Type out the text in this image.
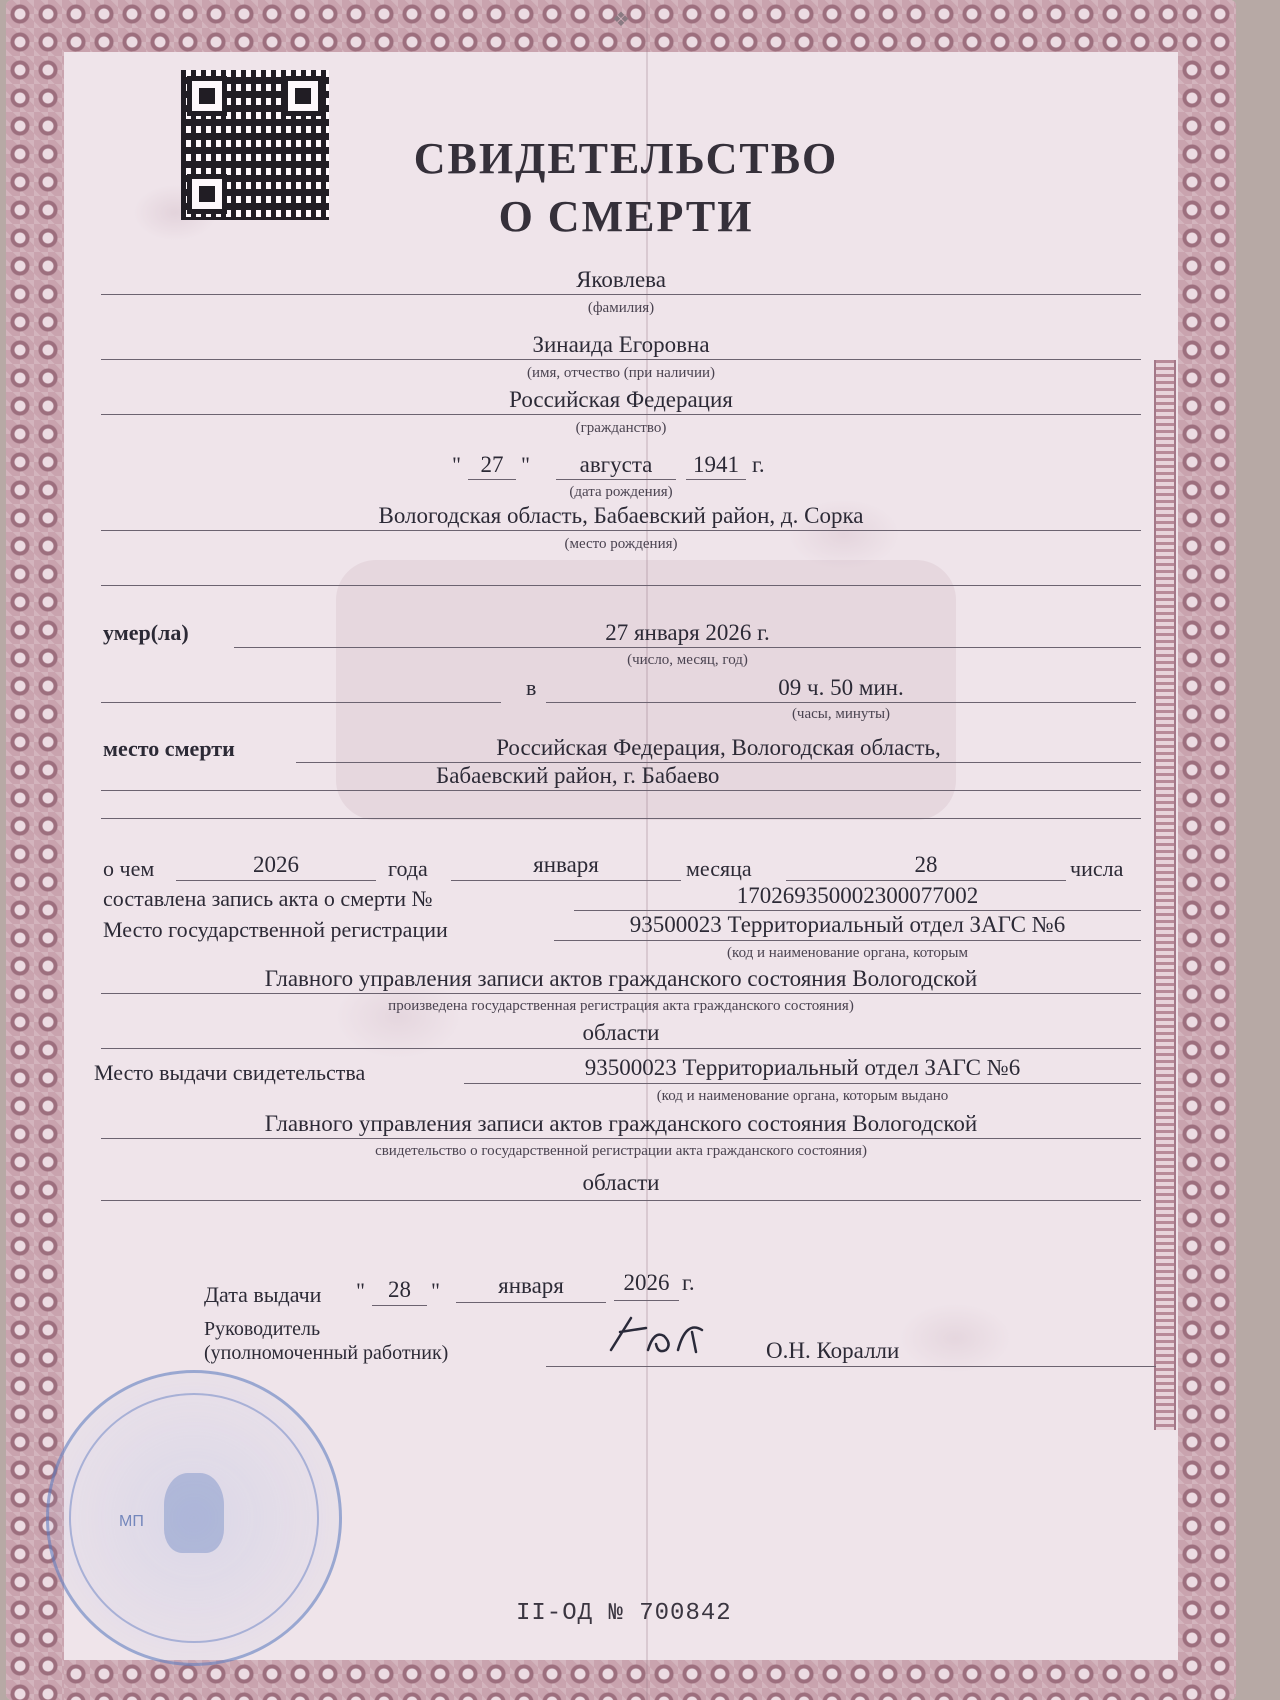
❖
СВИДЕТЕЛЬСТВО
О СМЕРТИ
Яковлева
(фамилия)
Зинаида Егоровна
(имя, отчество (при наличии)
Российская Федерация
(гражданство)
" 27 "	августа	1941 г.
(дата рождения)
Вологодская область, Бабаевский район, д. Сорка
(место рождения)
умер(ла)	27 января 2026 г.
(число, месяц, год)
в	09 ч. 50 мин.
(часы, минуты)
место смерти	Российская Федерация, Вологодская область,
Бабаевский район, г. Бабаево
о чем	2026	года	января	месяца	28	числа
составлена запись акта о смерти №	170269350002300077002
Место государственной регистрации	93500023 Территориальный отдел ЗАГС №6
(код и наименование органа, которым
Главного управления записи актов гражданского состояния Вологодской
произведена государственная регистрация акта гражданского состояния)
области
Место выдачи свидетельства	93500023 Территориальный отдел ЗАГС №6
(код и наименование органа, которым выдано
Главного управления записи актов гражданского состояния Вологодской
свидетельство о государственной регистрации акта гражданского состояния)
области
Дата выдачи "	28 "	января	2026 г.
Руководитель
(уполномоченный работник)	О.Н. Коралли
МП
II-ОД № 700842
